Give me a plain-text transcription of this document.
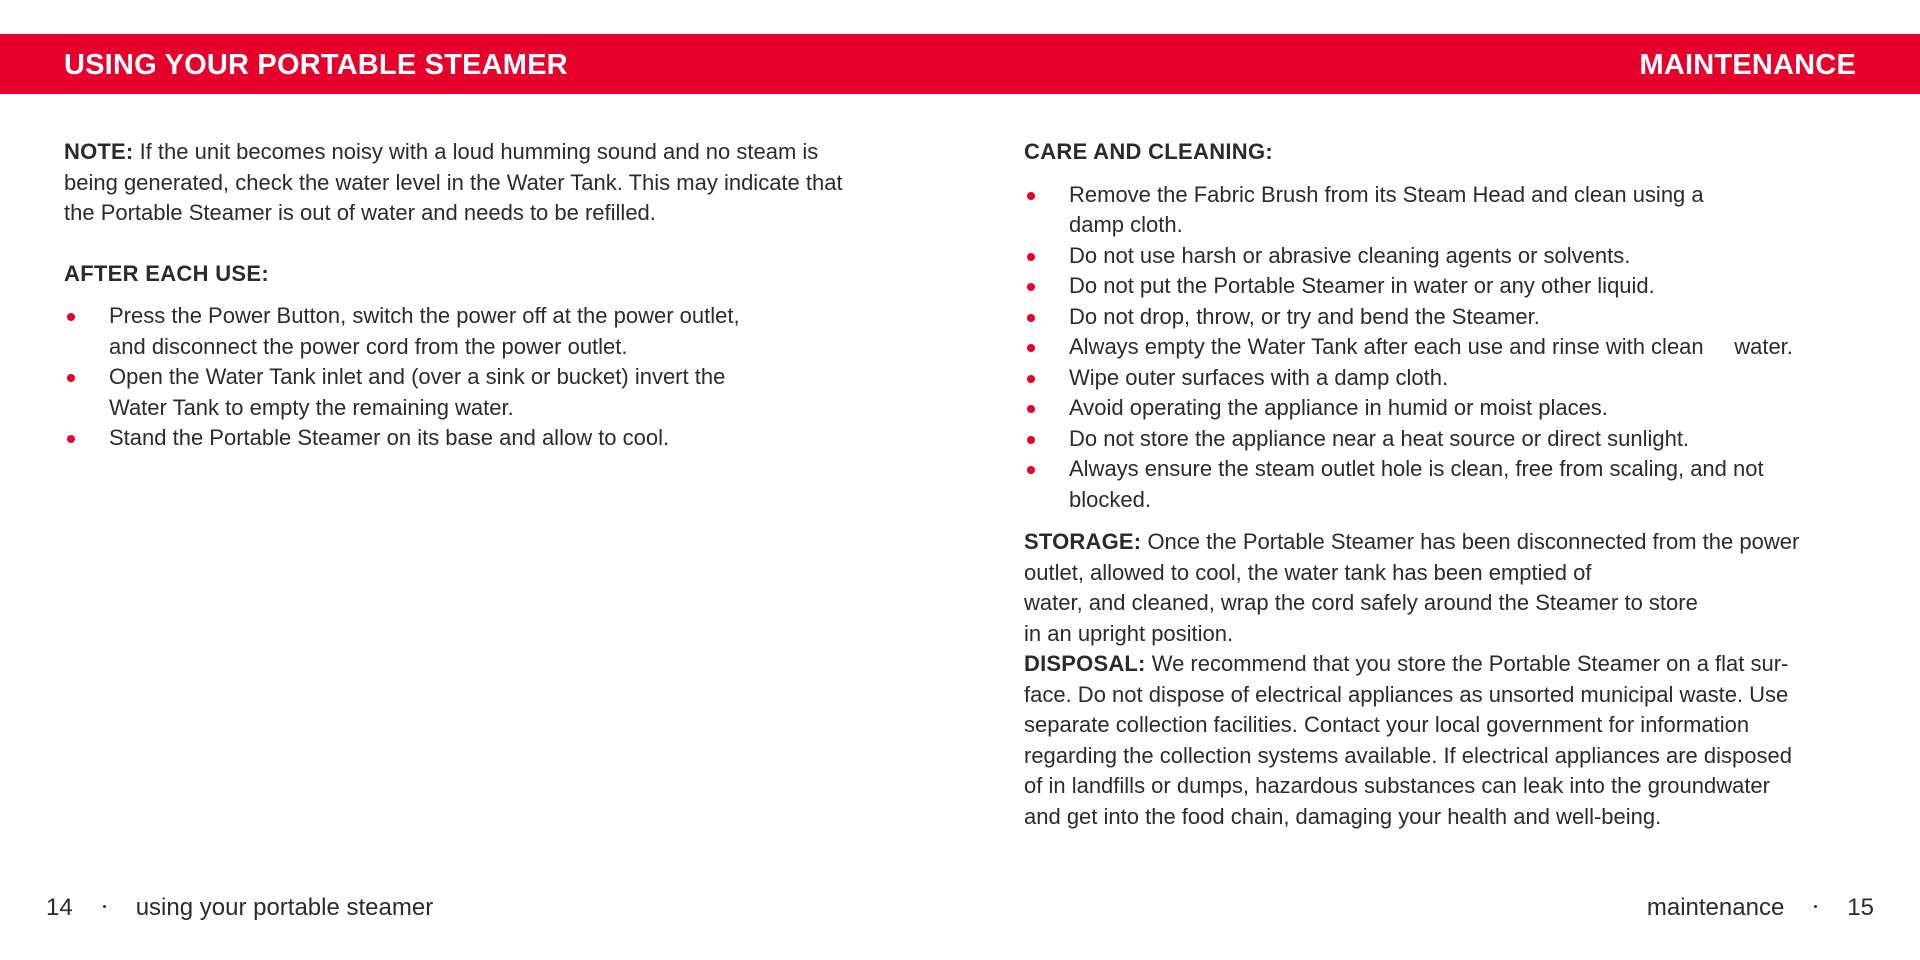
USING YOUR PORTABLE STEAMER	MAINTENANCE

NOTE: If the unit becomes noisy with a loud humming sound and no steam is
being generated, check the water level in the Water Tank. This may indicate that
the Portable Steamer is out of water and needs to be refilled.

AFTER EACH USE:

Press the Power Button, switch the power off at the power outlet,
and disconnect the power cord from the power outlet.
Open the Water Tank inlet and (over a sink or bucket) invert the
Water Tank to empty the remaining water.
Stand the Portable Steamer on its base and allow to cool.

CARE AND CLEANING:

Remove the Fabric Brush from its Steam Head and clean using a
damp cloth.
Do not use harsh or abrasive cleaning agents or solvents.
Do not put the Portable Steamer in water or any other liquid.
Do not drop, throw, or try and bend the Steamer.
Always empty the Water Tank after each use and rinse with clean     water.
Wipe outer surfaces with a damp cloth.
Avoid operating the appliance in humid or moist places.
Do not store the appliance near a heat source or direct sunlight.
Always ensure the steam outlet hole is clean, free from scaling, and not
blocked.

STORAGE: Once the Portable Steamer has been disconnected from the power
outlet, allowed to cool, the water tank has been emptied of
water, and cleaned, wrap the cord safely around the Steamer to store
in an upright position.

DISPOSAL: We recommend that you store the Portable Steamer on a flat sur-
face. Do not dispose of electrical appliances as unsorted municipal waste. Use
separate collection facilities. Contact your local government for information
regarding the collection systems available. If electrical appliances are disposed
of in landfills or dumps, hazardous substances can leak into the groundwater
and get into the food chain, damaging your health and well-being.

14	using your portable steamer	maintenance	15
